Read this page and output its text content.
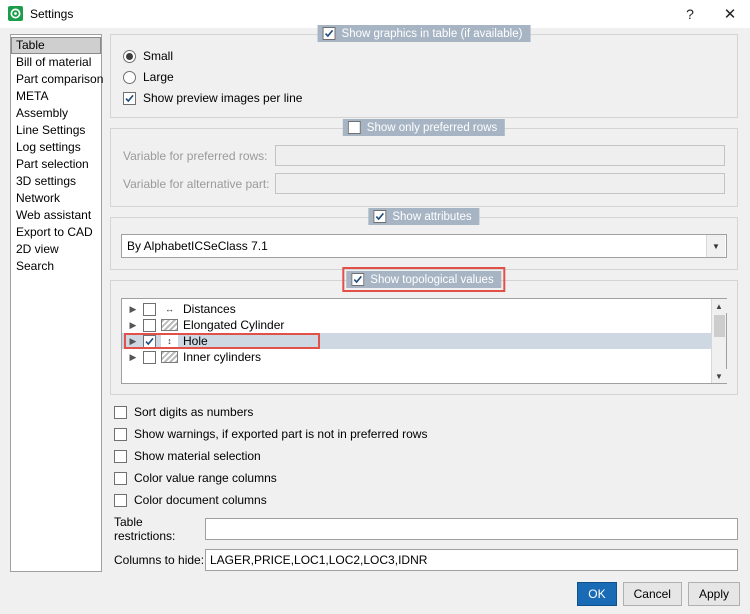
Settings	?	✕
Table
Bill of material
Part comparison
META
Assembly
Line Settings
Log settings
Part selection
3D settings
Network
Web assistant
Export to CAD
2D view
Search
Show graphics in table (if available)
Small
Large
Show preview images per line
Show only preferred rows
Variable for preferred rows:
Variable for alternative part:
Show attributes
By AlphabetICSeClass 7.1	▼
Show topological values
▶	↔ Distances
▶	Elongated Cylinder
▶	↕ Hole
▶	Inner cylinders
▲
▼
Sort digits as numbers
Show warnings, if exported part is not in preferred rows
Show material selection
Color value range columns
Color document columns
Table restrictions:
Columns to hide:
LAGER,PRICE,LOC1,LOC2,LOC3,IDNR
OK	Cancel	Apply
